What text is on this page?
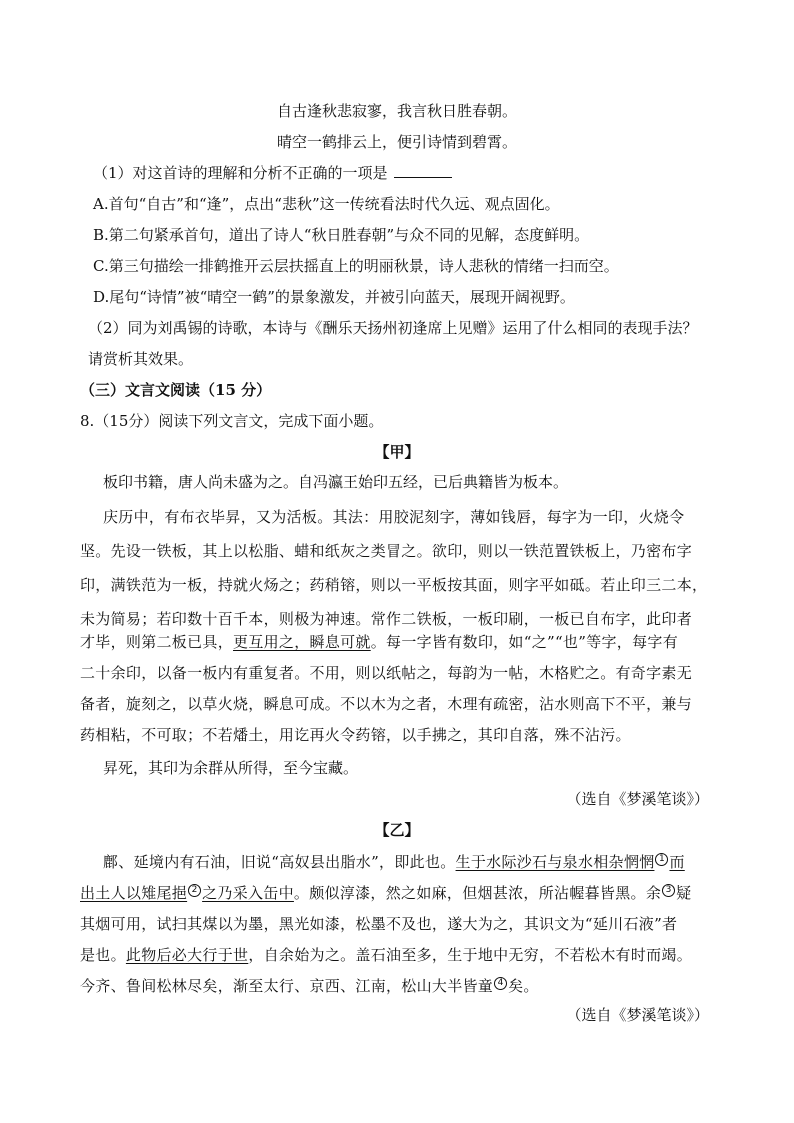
自古逢秋悲寂寥，我言秋日胜春朝。
晴空一鹤排云上，便引诗情到碧霄。
（1）对这首诗的理解和分析不正确的一项是
A.首句“自古”和“逢”，点出“悲秋”这一传统看法时代久远、观点固化。
B.第二句紧承首句，道出了诗人“秋日胜春朝”与众不同的见解，态度鲜明。
C.第三句描绘一排鹤推开云层扶摇直上的明丽秋景，诗人悲秋的情绪一扫而空。
D.尾句“诗情”被“晴空一鹤”的景象激发，并被引向蓝天，展现开阔视野。
（2）同为刘禹锡的诗歌，本诗与《酬乐天扬州初逢席上见赠》运用了什么相同的表现手法？
请赏析其效果。
（三）文言文阅读（15 分）
8.（15分）阅读下列文言文，完成下面小题。
【甲】
板印书籍，唐人尚未盛为之。自冯瀛王始印五经，已后典籍皆为板本。
庆历中，有布衣毕昇，又为活板。其法：用胶泥刻字，薄如钱唇，每字为一印，火烧令
坚。先设一铁板，其上以松脂、蜡和纸灰之类冒之。欲印，则以一铁范置铁板上，乃密布字
印，满铁范为一板，持就火炀之；药稍镕，则以一平板按其面，则字平如砥。若止印三二本，
未为简易；若印数十百千本，则极为神速。常作二铁板，一板印刷，一板已自布字，此印者
才毕，则第二板已具，更互用之，瞬息可就。每一字皆有数印，如“之”“也”等字，每字有
二十余印，以备一板内有重复者。不用，则以纸帖之，每韵为一帖，木格贮之。有奇字素无
备者，旋刻之，以草火烧，瞬息可成。不以木为之者，木理有疏密，沾水则高下不平，兼与
药相粘，不可取；不若燔土，用讫再火令药镕，以手拂之，其印自落，殊不沾污。
昇死，其印为余群从所得，至今宝藏。
（选自《梦溪笔谈》）
【乙】
鄜、延境内有石油，旧说“高奴县出脂水”，即此也。生于水际沙石与泉水相杂惘惘 1 而
出土人以雉尾挹 2 之乃采入缶中。颇似淳漆，然之如麻，但烟甚浓，所沾幄暮皆黑。余 3 疑
其烟可用，试扫其煤以为墨，黑光如漆，松墨不及也，遂大为之，其识文为“延川石液”者
是也。此物后必大行于世，自余始为之。盖石油至多，生于地中无穷，不若松木有时而竭。
今齐、鲁间松林尽矣，渐至太行、京西、江南，松山大半皆童 4 矣。
（选自《梦溪笔谈》）
